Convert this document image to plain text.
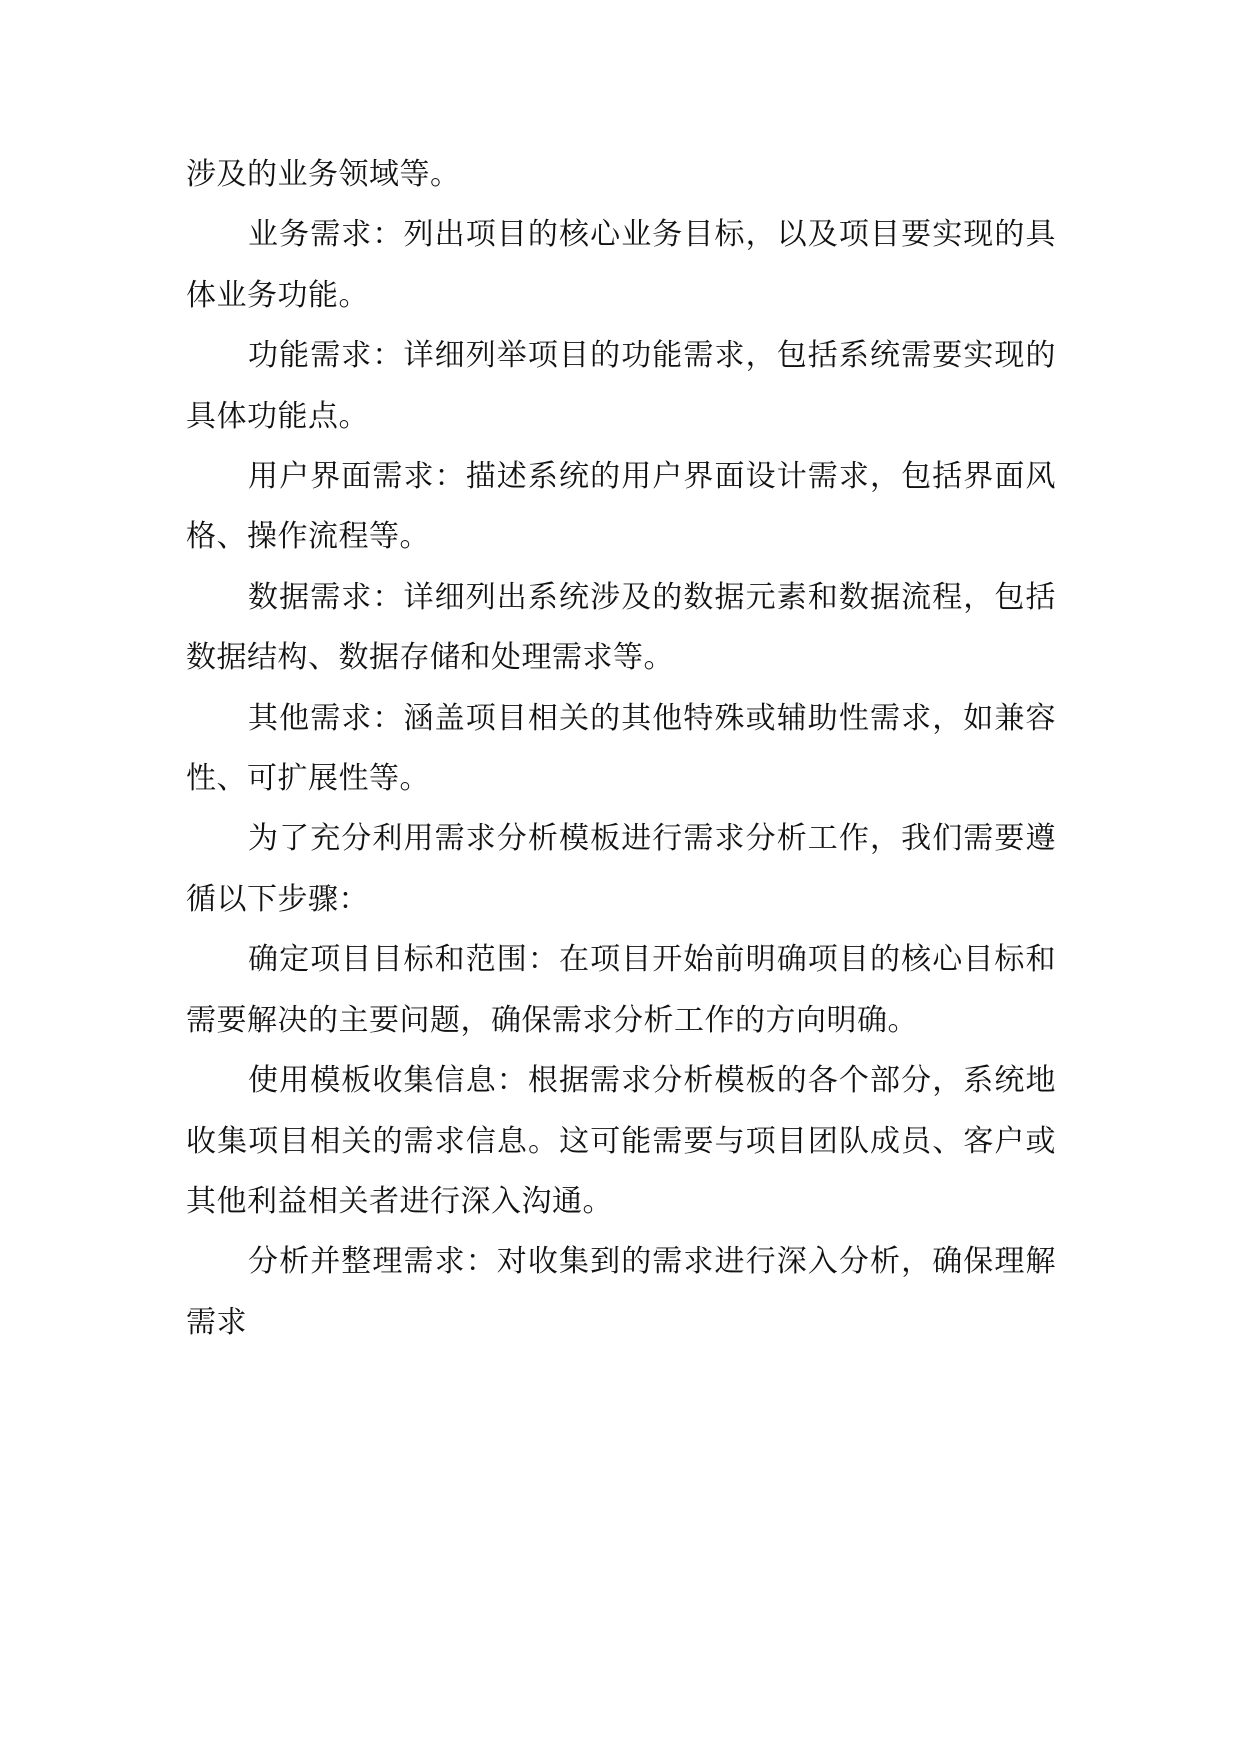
涉及的业务领域等。

业务需求：列出项目的核心业务目标，以及项目要实现的具体业务功能。

功能需求：详细列举项目的功能需求，包括系统需要实现的具体功能点。

用户界面需求：描述系统的用户界面设计需求，包括界面风格、操作流程等。

数据需求：详细列出系统涉及的数据元素和数据流程，包括数据结构、数据存储和处理需求等。

其他需求：涵盖项目相关的其他特殊或辅助性需求，如兼容性、可扩展性等。

为了充分利用需求分析模板进行需求分析工作，我们需要遵循以下步骤：

确定项目目标和范围：在项目开始前明确项目的核心目标和需要解决的主要问题，确保需求分析工作的方向明确。

使用模板收集信息：根据需求分析模板的各个部分，系统地收集项目相关的需求信息。这可能需要与项目团队成员、客户或其他利益相关者进行深入沟通。

分析并整理需求：对收集到的需求进行深入分析，确保理解需求
